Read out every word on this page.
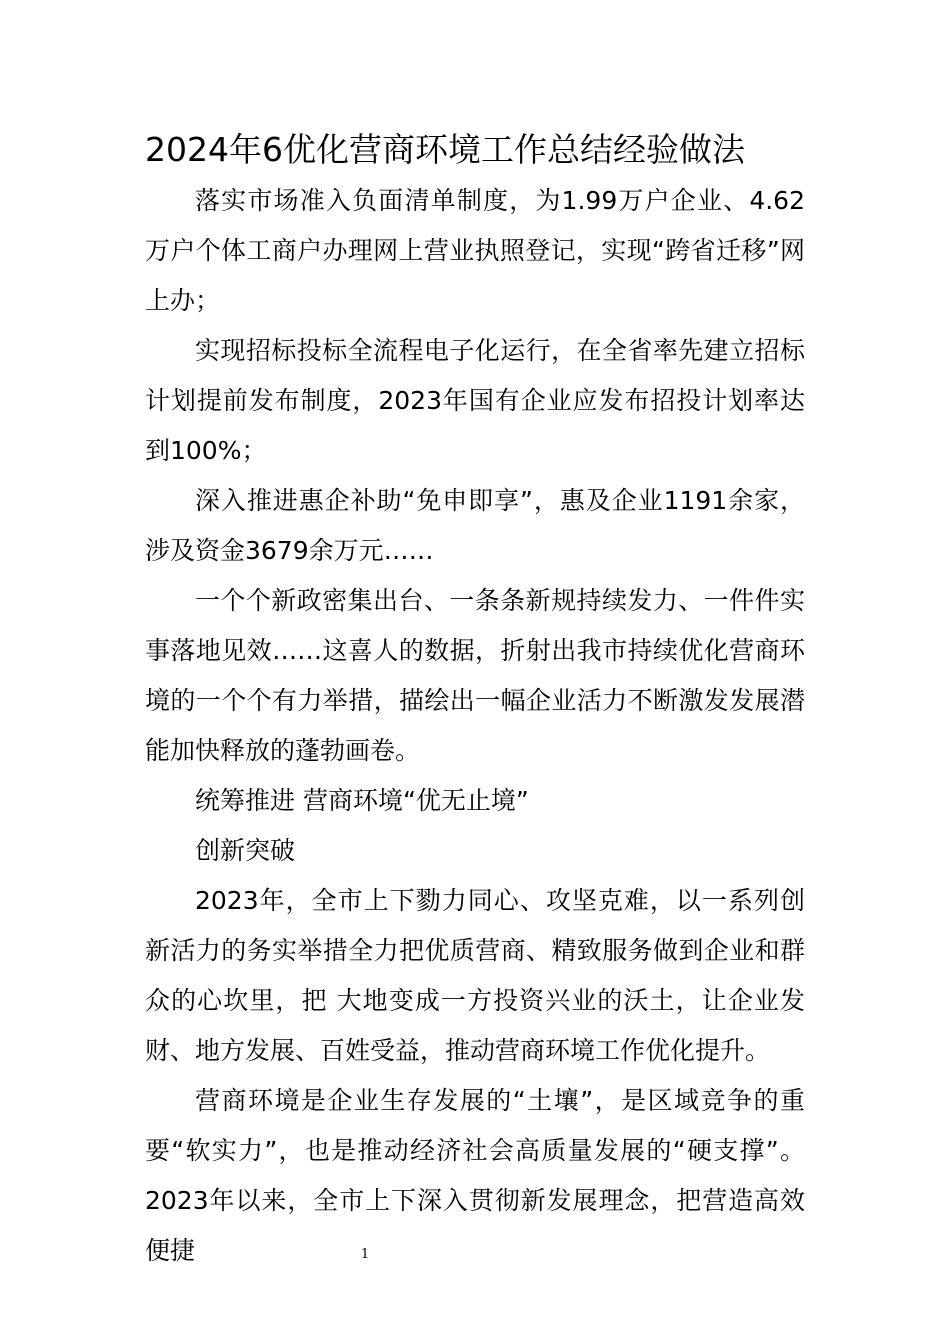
2024年6优化营商环境工作总结经验做法

落实市场准入负面清单制度，为1.99万户企业、4.62万户个体工商户办理网上营业执照登记，实现“跨省迁移”网上办；

实现招标投标全流程电子化运行，在全省率先建立招标计划提前发布制度，2023年国有企业应发布招投计划率达到100%；

深入推进惠企补助“免申即享”，惠及企业1191余家，涉及资金3679余万元……

一个个新政密集出台、一条条新规持续发力、一件件实事落地见效……这喜人的数据，折射出我市持续优化营商环境的一个个有力举措，描绘出一幅企业活力不断激发发展潜能加快释放的蓬勃画卷。

统筹推进 营商环境“优无止境”

创新突破

2023年，全市上下勠力同心、攻坚克难，以一系列创新活力的务实举措全力把优质营商、精致服务做到企业和群众的心坎里，把 大地变成一方投资兴业的沃土，让企业发财、地方发展、百姓受益，推动营商环境工作优化提升。

营商环境是企业生存发展的“土壤”，是区域竞争的重要“软实力”，也是推动经济社会高质量发展的“硬支撑”。2023年以来，全市上下深入贯彻新发展理念，把营造高效便捷	1
